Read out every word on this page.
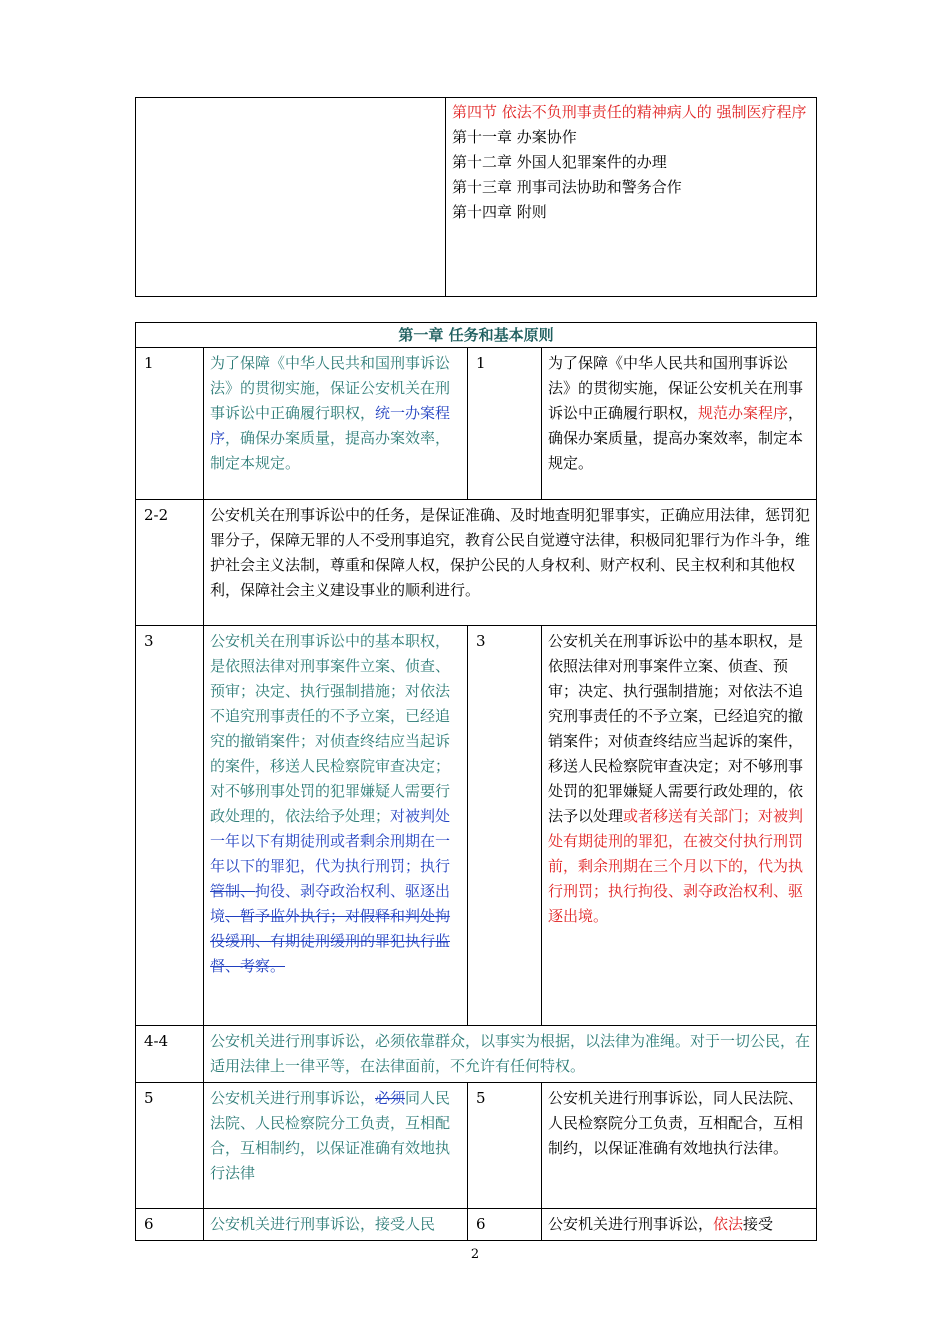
第四节 依法不负刑事责任的精神病人的 强制医疗程序
第十一章 办案协作
第十二章 外国人犯罪案件的办理
第十三章 刑事司法协助和警务合作
第十四章 附则
第一章 任务和基本原则			
1	为了保障《中华人民共和国刑事诉讼法》的贯彻实施，保证公安机关在刑事诉讼中正确履行职权，统一办案程序，确保办案质量，提高办案效率，制定本规定。	1	为了保障《中华人民共和国刑事诉讼法》的贯彻实施，保证公安机关在刑事诉讼中正确履行职权，规范办案程序，确保办案质量，提高办案效率，制定本规定。
2-2	公安机关在刑事诉讼中的任务，是保证准确、及时地查明犯罪事实，正确应用法律，惩罚犯罪分子，保障无罪的人不受刑事追究，教育公民自觉遵守法律，积极同犯罪行为作斗争，维护社会主义法制，尊重和保障人权，保护公民的人身权利、财产权利、民主权利和其他权利，保障社会主义建设事业的顺利进行。		
3	公安机关在刑事诉讼中的基本职权，是依照法律对刑事案件立案、侦查、预审；决定、执行强制措施；对依法不追究刑事责任的不予立案，已经追究的撤销案件；对侦查终结应当起诉的案件，移送人民检察院审查决定；对不够刑事处罚的犯罪嫌疑人需要行政处理的，依法给予处理；对被判处一年以下有期徒刑或者剩余刑期在一年以下的罪犯，代为执行刑罚；执行管制、拘役、剥夺政治权利、驱逐出境、暂予监外执行；对假释和判处拘役缓刑、有期徒刑缓刑的罪犯执行监督、考察。	3	公安机关在刑事诉讼中的基本职权，是依照法律对刑事案件立案、侦查、预审；决定、执行强制措施；对依法不追究刑事责任的不予立案，已经追究的撤销案件；对侦查终结应当起诉的案件，移送人民检察院审查决定；对不够刑事处罚的犯罪嫌疑人需要行政处理的，依法予以处理或者移送有关部门；对被判处有期徒刑的罪犯，在被交付执行刑罚前，剩余刑期在三个月以下的，代为执行刑罚；执行拘役、剥夺政治权利、驱逐出境。
4-4	公安机关进行刑事诉讼，必须依靠群众，以事实为根据，以法律为准绳。对于一切公民，在适用法律上一律平等，在法律面前，不允许有任何特权。		
5	公安机关进行刑事诉讼，必须同人民法院、人民检察院分工负责，互相配合，互相制约，以保证准确有效地执行法律	5	公安机关进行刑事诉讼，同人民法院、人民检察院分工负责，互相配合，互相制约，以保证准确有效地执行法律。
6	公安机关进行刑事诉讼，接受人民	6	公安机关进行刑事诉讼，依法接受
2
